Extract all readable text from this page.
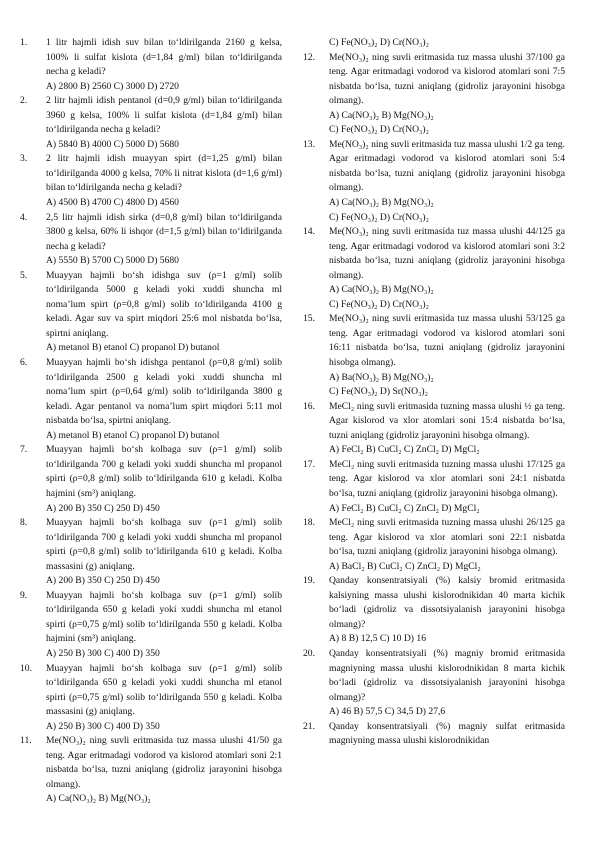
1.	1 litr hajmli idish suv bilan to‘ldirilganda 2160 g kelsa, 100% li sulfat kislota (d=1,84 g/ml) bilan to‘ldirilganda necha g keladi?
A) 2800 B) 2560 C) 3000 D) 2720
2.	2 litr hajmli idish pentanol (d=0,9 g/ml) bilan to‘ldirilganda 3960 g kelsa, 100% li sulfat kislota (d=1,84 g/ml) bilan to‘ldirilganda necha g keladi?
A) 5840 B) 4000 C) 5000 D) 5680
3.	2 litr hajmli idish muayyan spirt (d=1,25 g/ml) bilan to‘ldirilganda 4000 g kelsa, 70% li nitrat kislota (d=1,6 g/ml) bilan to‘ldirilganda necha g keladi?
A) 4500 B) 4700 C) 4800 D) 4560
4.	2,5 litr hajmli idish sirka (d=0,8 g/ml) bilan to‘ldirilganda 3800 g kelsa, 60% li ishqor (d=1,5 g/ml) bilan to‘ldirilganda necha g keladi?
A) 5550 B) 5700 C) 5000 D) 5680
5.	Muayyan hajmli bo‘sh idishga suv (ρ=1 g/ml) solib to‘ldirilganda 5000 g keladi yoki xuddi shuncha ml noma’lum spirt (ρ=0,8 g/ml) solib to‘ldirilganda 4100 g keladi. Agar suv va spirt miqdori 25:6 mol nisbatda bo‘lsa, spirtni aniqlang.
A) metanol B) etanol C) propanol D) butanol
6.	Muayyan hajmli bo‘sh idishga pentanol (ρ=0,8 g/ml) solib to‘ldirilganda 2500 g keladi yoki xuddi shuncha ml noma’lum spirt (ρ=0,64 g/ml) solib to‘ldirilganda 3800 g keladi. Agar pentanol va noma’lum spirt miqdori 5:11 mol nisbatda bo‘lsa, spirtni aniqlang.
A) metanol B) etanol C) propanol D) butanol
7.	Muayyan hajmli bo‘sh kolbaga suv (ρ=1 g/ml) solib to‘ldirilganda 700 g keladi yoki xuddi shuncha ml propanol spirti (ρ=0,8 g/ml) solib to‘ldirilganda 610 g keladi. Kolba hajmini (sm³) aniqlang.
A) 200 B) 350 C) 250 D) 450
8.	Muayyan hajmli bo‘sh kolbaga suv (ρ=1 g/ml) solib to‘ldirilganda 700 g keladi yoki xuddi shuncha ml propanol spirti (ρ=0,8 g/ml) solib to‘ldirilganda 610 g keladi. Kolba massasini (g) aniqlang.
A) 200 B) 350 C) 250 D) 450
9.	Muayyan hajmli bo‘sh kolbaga suv (ρ=1 g/ml) solib to‘ldirilganda 650 g keladi yoki xuddi shuncha ml etanol spirti (ρ=0,75 g/ml) solib to‘ldirilganda 550 g keladi. Kolba hajmini (sm³) aniqlang.
A) 250 B) 300 C) 400 D) 350
10.	Muayyan hajmli bo‘sh kolbaga suv (ρ=1 g/ml) solib to‘ldirilganda 650 g keladi yoki xuddi shuncha ml etanol spirti (ρ=0,75 g/ml) solib to‘ldirilganda 550 g keladi. Kolba massasini (g) aniqlang.
A) 250 B) 300 C) 400 D) 350
11.	Me(NO₃)₂ ning suvli eritmasida tuz massa ulushi 41/50 ga teng. Agar eritmadagi vodorod va kislorod atomlari soni 2:1 nisbatda bo‘lsa, tuzni aniqlang (gidroliz jarayonini hisobga olmang).
A) Ca(NO₃)₂ B) Mg(NO₃)₂
C) Fe(NO₃)₂ D) Cr(NO₃)₂
12.	Me(NO₃)₂ ning suvli eritmasida tuz massa ulushi 37/100 ga teng. Agar eritmadagi vodorod va kislorod atomlari soni 7:5 nisbatda bo‘lsa, tuzni aniqlang (gidroliz jarayonini hisobga olmang).
A) Ca(NO₃)₂ B) Mg(NO₃)₂
C) Fe(NO₃)₂ D) Cr(NO₃)₂
13.	Me(NO₃)₂ ning suvli eritmasida tuz massa ulushi 1/2 ga teng. Agar eritmadagi vodorod va kislorod atomlari soni 5:4 nisbatda bo‘lsa, tuzni aniqlang (gidroliz jarayonini hisobga olmang).
A) Ca(NO₃)₂ B) Mg(NO₃)₂
C) Fe(NO₃)₂ D) Cr(NO₃)₂
14.	Me(NO₃)₂ ning suvli eritmasida tuz massa ulushi 44/125 ga teng. Agar eritmadagi vodorod va kislorod atomlari soni 3:2 nisbatda bo‘lsa, tuzni aniqlang (gidroliz jarayonini hisobga olmang).
A) Ca(NO₃)₂ B) Mg(NO₃)₂
C) Fe(NO₃)₂ D) Cr(NO₃)₂
15.	Me(NO₃)₂ ning suvli eritmasida tuz massa ulushi 53/125 ga teng. Agar eritmadagi vodorod va kislorod atomlari soni 16:11 nisbatda bo‘lsa, tuzni aniqlang (gidroliz jarayonini hisobga olmang).
A) Ba(NO₃)₂ B) Mg(NO₃)₂
C) Fe(NO₃)₂ D) Sr(NO₃)₂
16.	MeCl₂ ning suvli eritmasida tuzning massa ulushi ½ ga teng. Agar kislorod va xlor atomlari soni 15:4 nisbatda bo‘lsa, tuzni aniqlang (gidroliz jarayonini hisobga olmang).
A) FeCl₂ B) CuCl₂ C) ZnCl₂ D) MgCl₂
17.	MeCl₂ ning suvli eritmasida tuzning massa ulushi 17/125 ga teng. Agar kislorod va xlor atomlari soni 24:1 nisbatda bo‘lsa, tuzni aniqlang (gidroliz jarayonini hisobga olmang).
A) FeCl₂ B) CuCl₂ C) ZnCl₂ D) MgCl₂
18.	MeCl₂ ning suvli eritmasida tuzning massa ulushi 26/125 ga teng. Agar kislorod va xlor atomlari soni 22:1 nisbatda bo‘lsa, tuzni aniqlang (gidroliz jarayonini hisobga olmang).
A) BaCl₂ B) CuCl₂ C) ZnCl₂ D) MgCl₂
19.	Qanday konsentratsiyali (%) kalsiy bromid eritmasida kalsiyning massa ulushi kislorodnikidan 40 marta kichik bo‘ladi (gidroliz va dissotsiyalanish jarayonini hisobga olmang)?
A) 8 B) 12,5 C) 10 D) 16
20.	Qanday konsentratsiyali (%) magniy bromid eritmasida magniyning massa ulushi kislorodnikidan 8 marta kichik bo‘ladi (gidroliz va dissotsiyalanish jarayonini hisobga olmang)?
A) 46 B) 57,5 C) 34,5 D) 27,6
21.	Qanday konsentratsiyali (%) magniy sulfat eritmasida magniyning massa ulushi kislorodnikidan
